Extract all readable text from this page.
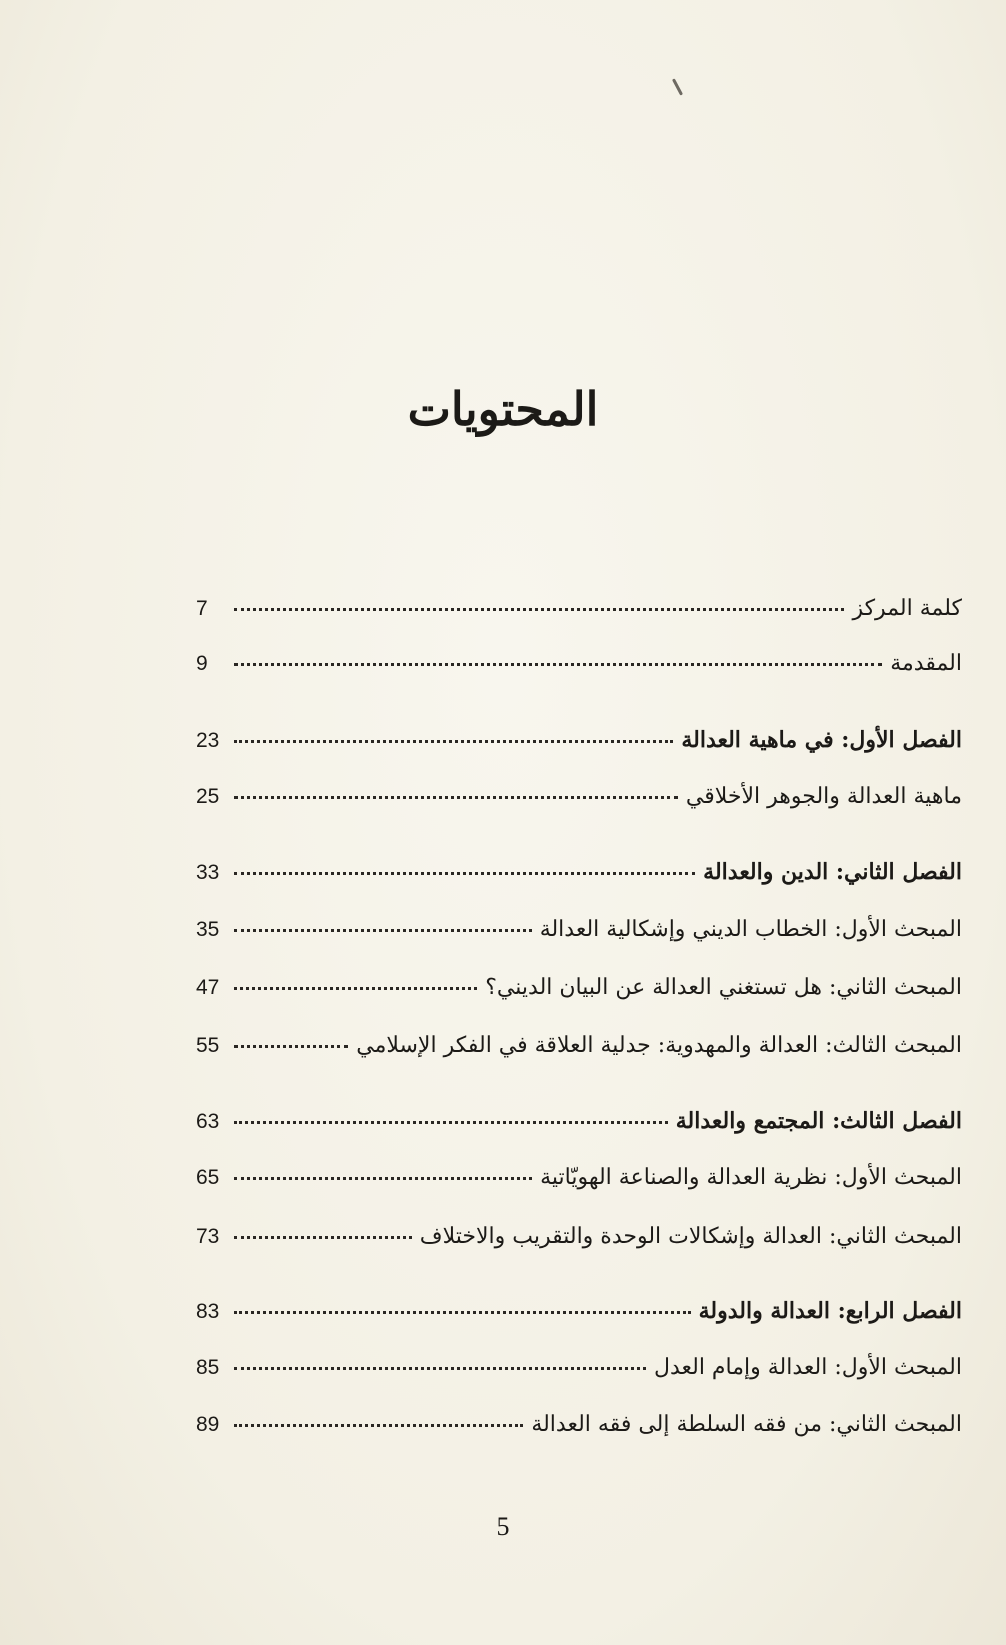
المحتويات
7	كلمة المركز
9	المقدمة
23	الفصل الأول: في ماهية العدالة
25	ماهية العدالة والجوهر الأخلاقي
33	الفصل الثاني: الدين والعدالة
35	المبحث الأول: الخطاب الديني وإشكالية العدالة
47	المبحث الثاني: هل تستغني العدالة عن البيان الديني؟
55	المبحث الثالث: العدالة والمهدوية: جدلية العلاقة في الفكر الإسلامي
63	الفصل الثالث: المجتمع والعدالة
65	المبحث الأول: نظرية العدالة والصناعة الهويّاتية
73	المبحث الثاني: العدالة وإشكالات الوحدة والتقريب والاختلاف
83	الفصل الرابع: العدالة والدولة
85	المبحث الأول: العدالة وإمام العدل
89	المبحث الثاني: من فقه السلطة إلى فقه العدالة
5
